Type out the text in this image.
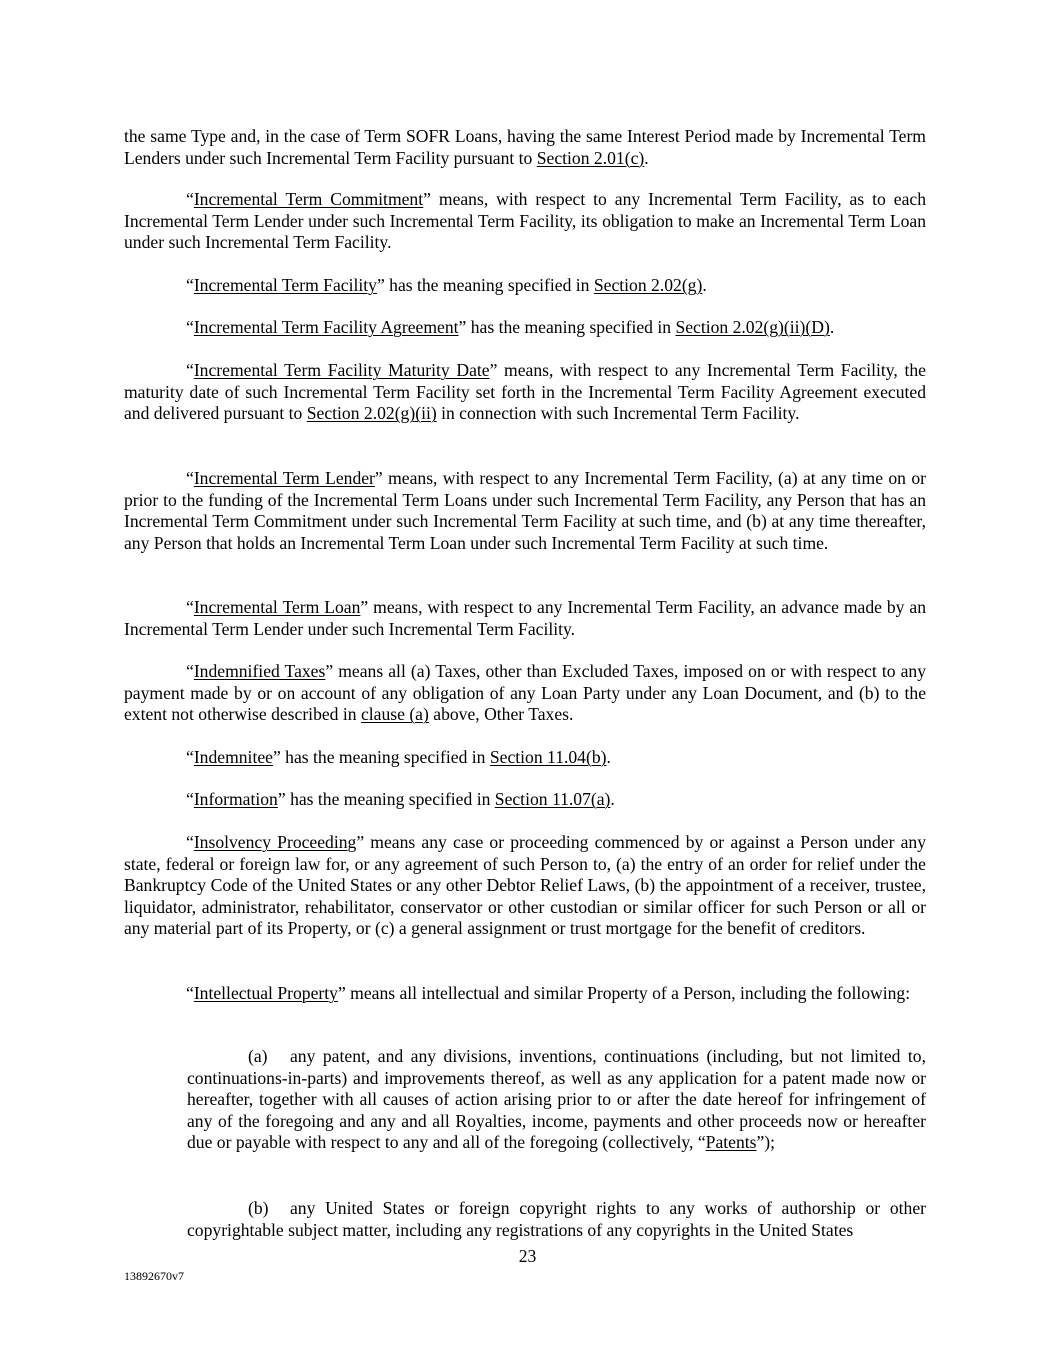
the same Type and, in the case of Term SOFR Loans, having the same Interest Period made by Incremental Term Lenders under such Incremental Term Facility pursuant to Section 2.01(c).

“Incremental Term Commitment” means, with respect to any Incremental Term Facility, as to each Incremental Term Lender under such Incremental Term Facility, its obligation to make an Incremental Term Loan under such Incremental Term Facility.

“Incremental Term Facility” has the meaning specified in Section 2.02(g).

“Incremental Term Facility Agreement” has the meaning specified in Section 2.02(g)(ii)(D).

“Incremental Term Facility Maturity Date” means, with respect to any Incremental Term Facility, the maturity date of such Incremental Term Facility set forth in the Incremental Term Facility Agreement executed and delivered pursuant to Section 2.02(g)(ii) in connection with such Incremental Term Facility.

“Incremental Term Lender” means, with respect to any Incremental Term Facility, (a) at any time on or prior to the funding of the Incremental Term Loans under such Incremental Term Facility, any Person that has an Incremental Term Commitment under such Incremental Term Facility at such time, and (b) at any time thereafter, any Person that holds an Incremental Term Loan under such Incremental Term Facility at such time.

“Incremental Term Loan” means, with respect to any Incremental Term Facility, an advance made by an Incremental Term Lender under such Incremental Term Facility.

“Indemnified Taxes” means all (a) Taxes, other than Excluded Taxes, imposed on or with respect to any payment made by or on account of any obligation of any Loan Party under any Loan Document, and (b) to the extent not otherwise described in clause (a) above, Other Taxes.

“Indemnitee” has the meaning specified in Section 11.04(b).

“Information” has the meaning specified in Section 11.07(a).

“Insolvency Proceeding” means any case or proceeding commenced by or against a Person under any state, federal or foreign law for, or any agreement of such Person to, (a) the entry of an order for relief under the Bankruptcy Code of the United States or any other Debtor Relief Laws, (b) the appointment of a receiver, trustee, liquidator, administrator, rehabilitator, conservator or other custodian or similar officer for such Person or all or any material part of its Property, or (c) a general assignment or trust mortgage for the benefit of creditors.

“Intellectual Property” means all intellectual and similar Property of a Person, including the following:

(a) any patent, and any divisions, inventions, continuations (including, but not limited to, continuations-in-parts) and improvements thereof, as well as any application for a patent made now or hereafter, together with all causes of action arising prior to or after the date hereof for infringement of any of the foregoing and any and all Royalties, income, payments and other proceeds now or hereafter due or payable with respect to any and all of the foregoing (collectively, “Patents”);

(b) any United States or foreign copyright rights to any works of authorship or other copyrightable subject matter, including any registrations of any copyrights in the United States

23
13892670v7
